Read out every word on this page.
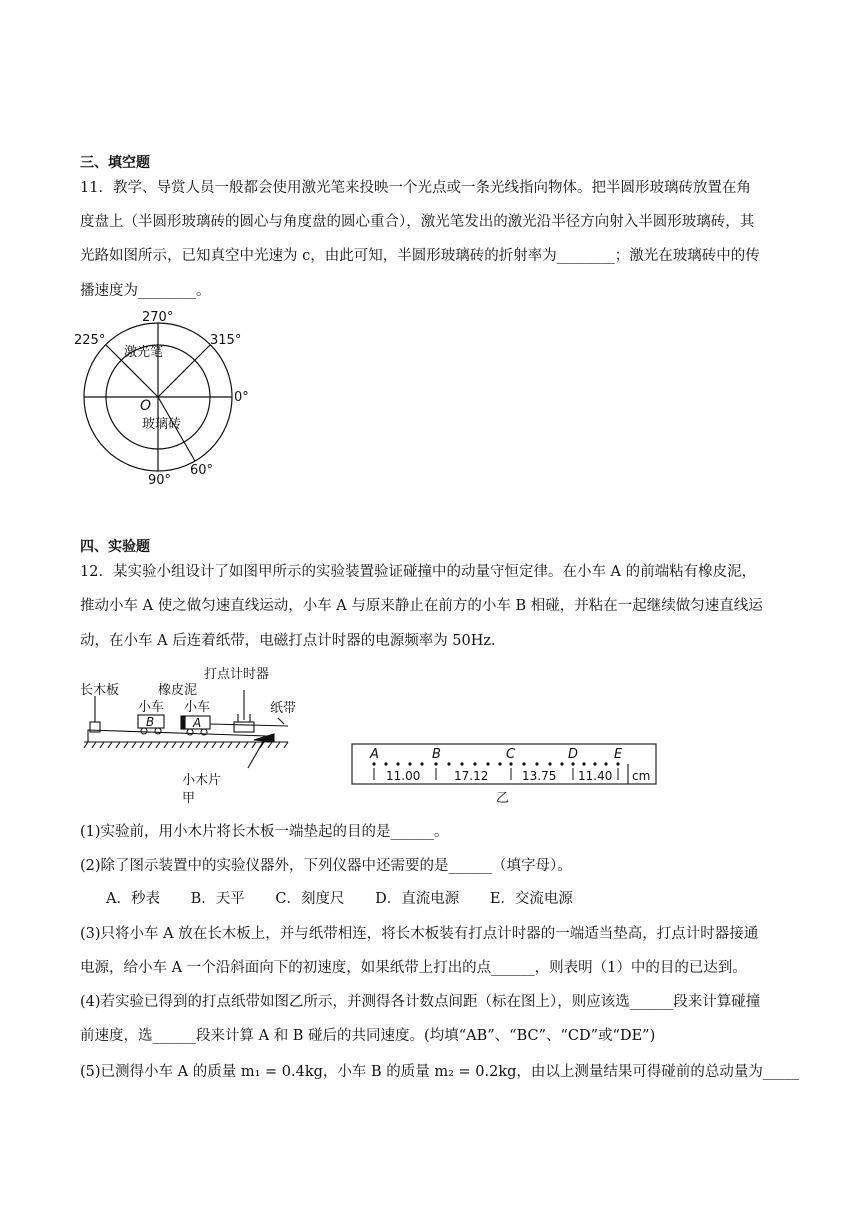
三、填空题
11．教学、导赏人员一般都会使用激光笔来投映一个光点或一条光线指向物体。把半圆形玻璃砖放置在角
度盘上（半圆形玻璃砖的圆心与角度盘的圆心重合），激光笔发出的激光沿半径方向射入半圆形玻璃砖，其
光路如图所示，已知真空中光速为 c，由此可知，半圆形玻璃砖的折射率为________；激光在玻璃砖中的传
播速度为________。
270°
225°	315°
0°
60°
90°
O
激光笔
玻璃砖
四、实验题
12．某实验小组设计了如图甲所示的实验装置验证碰撞中的动量守恒定律。在小车 A 的前端粘有橡皮泥，
推动小车 A 使之做匀速直线运动，小车 A 与原来静止在前方的小车 B 相碰，并粘在一起继续做匀速直线运
动，在小车 A 后连着纸带，电磁打点计时器的电源频率为 50Hz.
长木板
打点计时器
橡皮泥
小车 小车	纸带
B	A
小木片
甲
A	B	C	D	E
11.00	17.12	13.75 11.40 cm
乙
(1)实验前，用小木片将长木板一端垫起的目的是______。
(2)除了图示装置中的实验仪器外，下列仪器中还需要的是______（填字母）。
A．秒表 B．天平 C．刻度尺 D．直流电源 E．交流电源
(3)只将小车 A 放在长木板上，并与纸带相连，将长木板装有打点计时器的一端适当垫高，打点计时器接通
电源，给小车 A 一个沿斜面向下的初速度，如果纸带上打出的点______，则表明（1）中的目的已达到。
(4)若实验已得到的打点纸带如图乙所示，并测得各计数点间距（标在图上），则应该选______段来计算碰撞
前速度，选______段来计算 A 和 B 碰后的共同速度。(均填“AB”、“BC”、“CD”或“DE”)
(5)已测得小车 A 的质量 m₁ = 0.4kg，小车 B 的质量 m₂ = 0.2kg，由以上测量结果可得碰前的总动量为_____
